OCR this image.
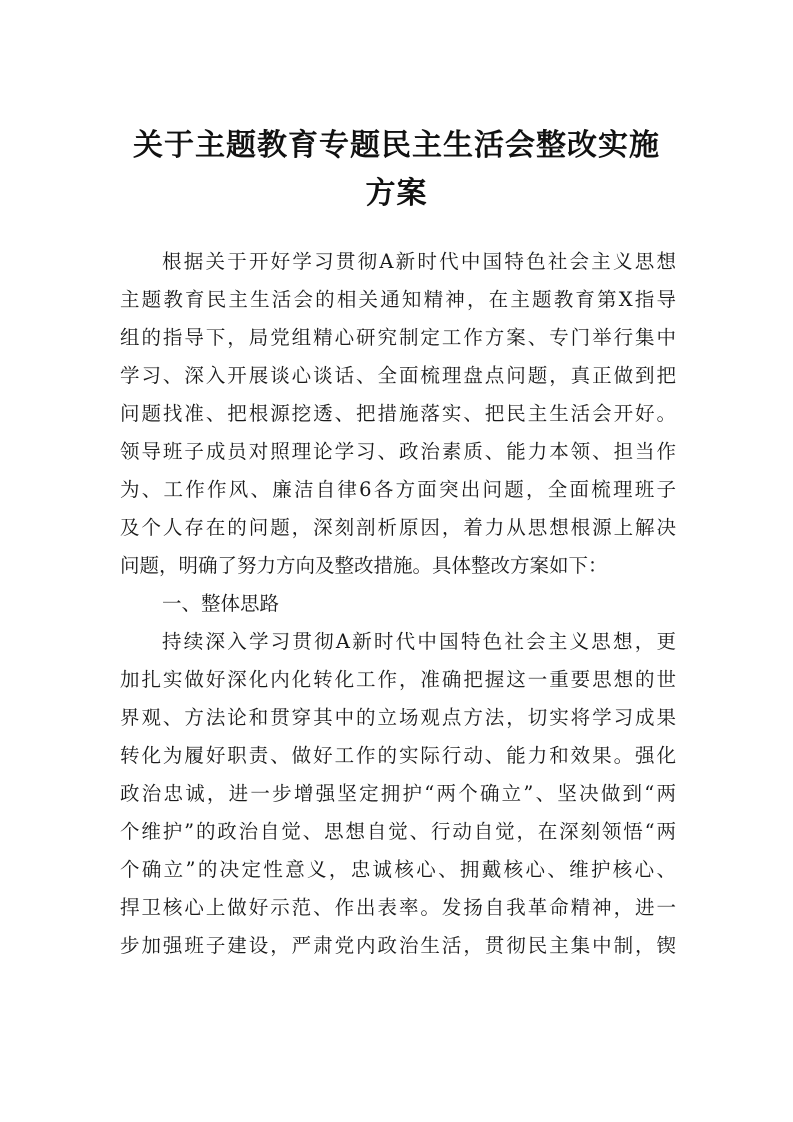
关于主题教育专题民主生活会整改实施方案
根据关于开好学习贯彻A新时代中国特色社会主义思想
主题教育民主生活会的相关通知精神，在主题教育第X指导
组的指导下，局党组精心研究制定工作方案、专门举行集中
学习、深入开展谈心谈话、全面梳理盘点问题，真正做到把
问题找准、把根源挖透、把措施落实、把民主生活会开好。
领导班子成员对照理论学习、政治素质、能力本领、担当作
为、工作作风、廉洁自律6各方面突出问题，全面梳理班子
及个人存在的问题，深刻剖析原因，着力从思想根源上解决
问题，明确了努力方向及整改措施。具体整改方案如下：
一、整体思路
持续深入学习贯彻A新时代中国特色社会主义思想，更
加扎实做好深化内化转化工作，准确把握这一重要思想的世
界观、方法论和贯穿其中的立场观点方法，切实将学习成果
转化为履好职责、做好工作的实际行动、能力和效果。强化
政治忠诚，进一步增强坚定拥护“两个确立”、坚决做到“两
个维护”的政治自觉、思想自觉、行动自觉，在深刻领悟“两
个确立”的决定性意义，忠诚核心、拥戴核心、维护核心、
捍卫核心上做好示范、作出表率。发扬自我革命精神，进一
步加强班子建设，严肃党内政治生活，贯彻民主集中制，锲
